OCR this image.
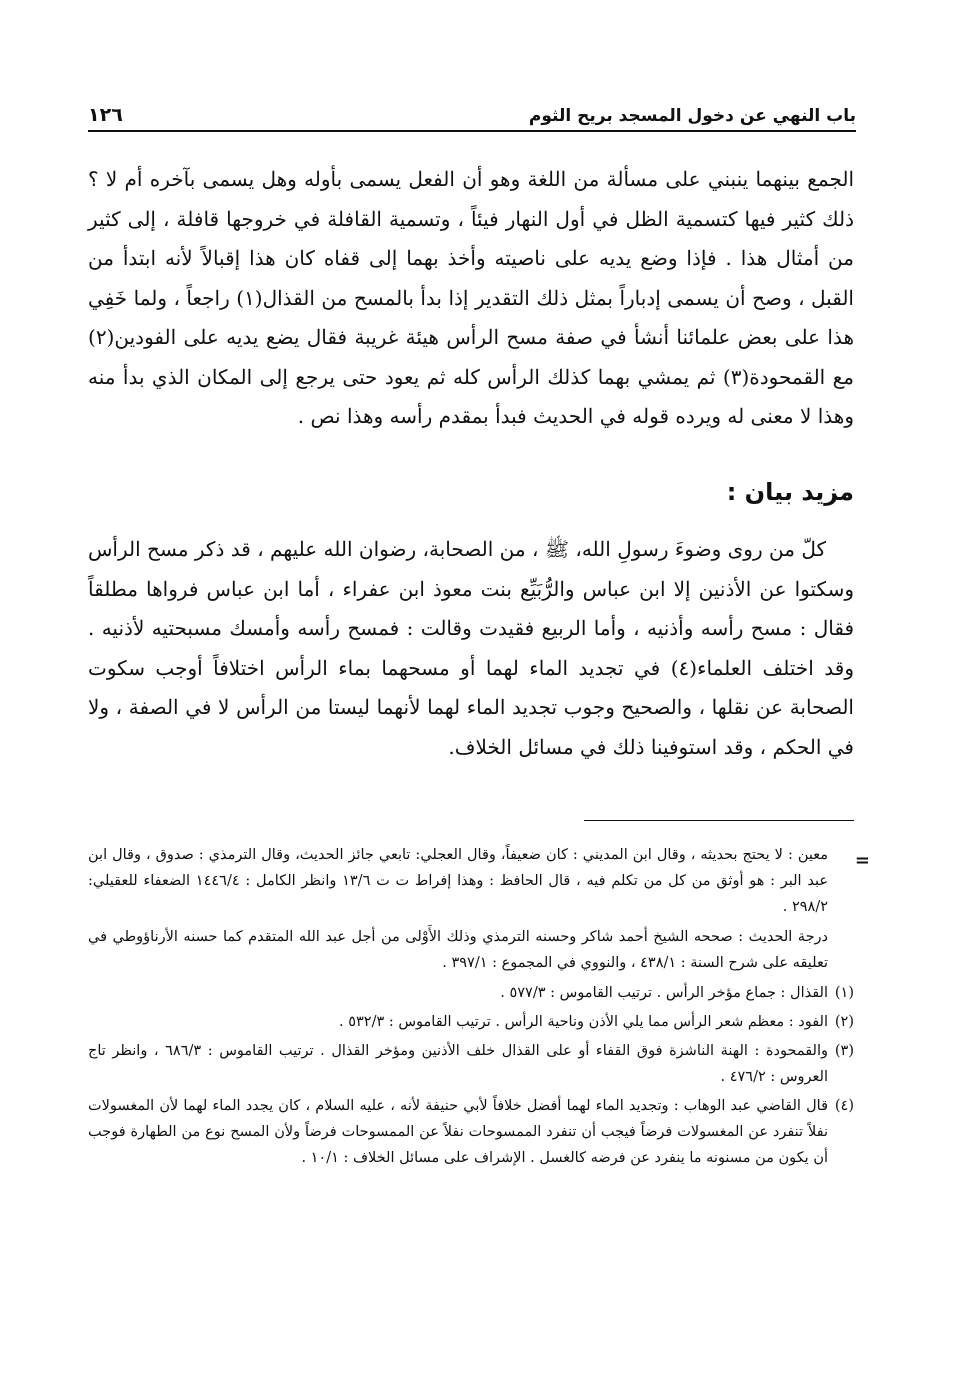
باب النهي عن دخول المسجد بريح الثوم
١٢٦

الجمع بينهما ينبني على مسألة من اللغة وهو أن الفعل يسمى بأوله وهل يسمى بآخره أم لا ؟ ذلك كثير فيها كتسمية الظل في أول النهار فيئاً ، وتسمية القافلة في خروجها قافلة ، إلى كثير من أمثال هذا . فإذا وضع يديه على ناصيته وأخذ بهما إلى قفاه كان هذا إقبالاً لأنه ابتدأ من القبل ، وصح أن يسمى إدباراً بمثل ذلك التقدير إذا بدأ بالمسح من القذال(١) راجعاً ، ولما خَفِي هذا على بعض علمائنا أنشأ في صفة مسح الرأس هيئة غريبة فقال يضع يديه على الفودين(٢) مع القمحودة(٣) ثم يمشي بهما كذلك الرأس كله ثم يعود حتى يرجع إلى المكان الذي بدأ منه وهذا لا معنى له ويرده قوله في الحديث فبدأ بمقدم رأسه وهذا نص .

مزيد بيان :

كلّ من روى وضوءَ رسولِ الله، ﷺ ، من الصحابة، رضوان الله عليهم ، قد ذكر مسح الرأس وسكتوا عن الأذنين إلا ابن عباس والرُّبَيِّع بنت معوذ ابن عفراء ، أما ابن عباس فرواها مطلقاً فقال : مسح رأسه وأذنيه ، وأما الربيع فقيدت وقالت : فمسح رأسه وأمسك مسبحتيه لأذنيه . وقد اختلف العلماء(٤) في تجديد الماء لهما أو مسحهما بماء الرأس اختلافاً أوجب سكوت الصحابة عن نقلها ، والصحيح وجوب تجديد الماء لهما لأنهما ليستا من الرأس لا في الصفة ، ولا في الحكم ، وقد استوفينا ذلك في مسائل الخلاف.

=
معين : لا يحتج بحديثه ، وقال ابن المديني : كان ضعيفاً، وقال العجلي: تابعي جائز الحديث، وقال الترمذي : صدوق ، وقال ابن عبد البر : هو أوثق من كل من تكلم فيه ، قال الحافظ : وهذا إفراط ت ت ١٣/٦ وانظر الكامل : ١٤٤٦/٤ الضعفاء للعقيلي: ٢٩٨/٢ .
درجة الحديث : صححه الشيخ أحمد شاكر وحسنه الترمذي وذلك الأَوْلى من أجل عبد الله المتقدم كما حسنه الأرناؤوطي في تعليقه على شرح السنة : ٤٣٨/١ ، والنووي في المجموع : ٣٩٧/١ .
(١)
القذال : جماع مؤخر الرأس . ترتيب القاموس : ٥٧٧/٣ .
(٢)
الفود : معظم شعر الرأس مما يلي الأذن وناحية الرأس . ترتيب القاموس : ٥٣٢/٣ .
(٣)
والقمحودة : الهنة الناشزة فوق القفاء أو على القذال خلف الأذنين ومؤخر القذال . ترتيب القاموس : ٦٨٦/٣ ، وانظر تاج العروس : ٤٧٦/٢ .
(٤)
قال القاضي عبد الوهاب : وتجديد الماء لهما أفضل خلافاً لأبي حنيفة لأنه ، عليه السلام ، كان يجدد الماء لهما لأن المغسولات نفلاً تنفرد عن المغسولات فرضاً فيجب أن تنفرد الممسوحات نفلاً عن الممسوحات فرضاً ولأن المسح نوع من الطهارة فوجب أن يكون من مسنونه ما ينفرد عن فرضه كالغسل . الإشراف على مسائل الخلاف : ١٠/١ .
